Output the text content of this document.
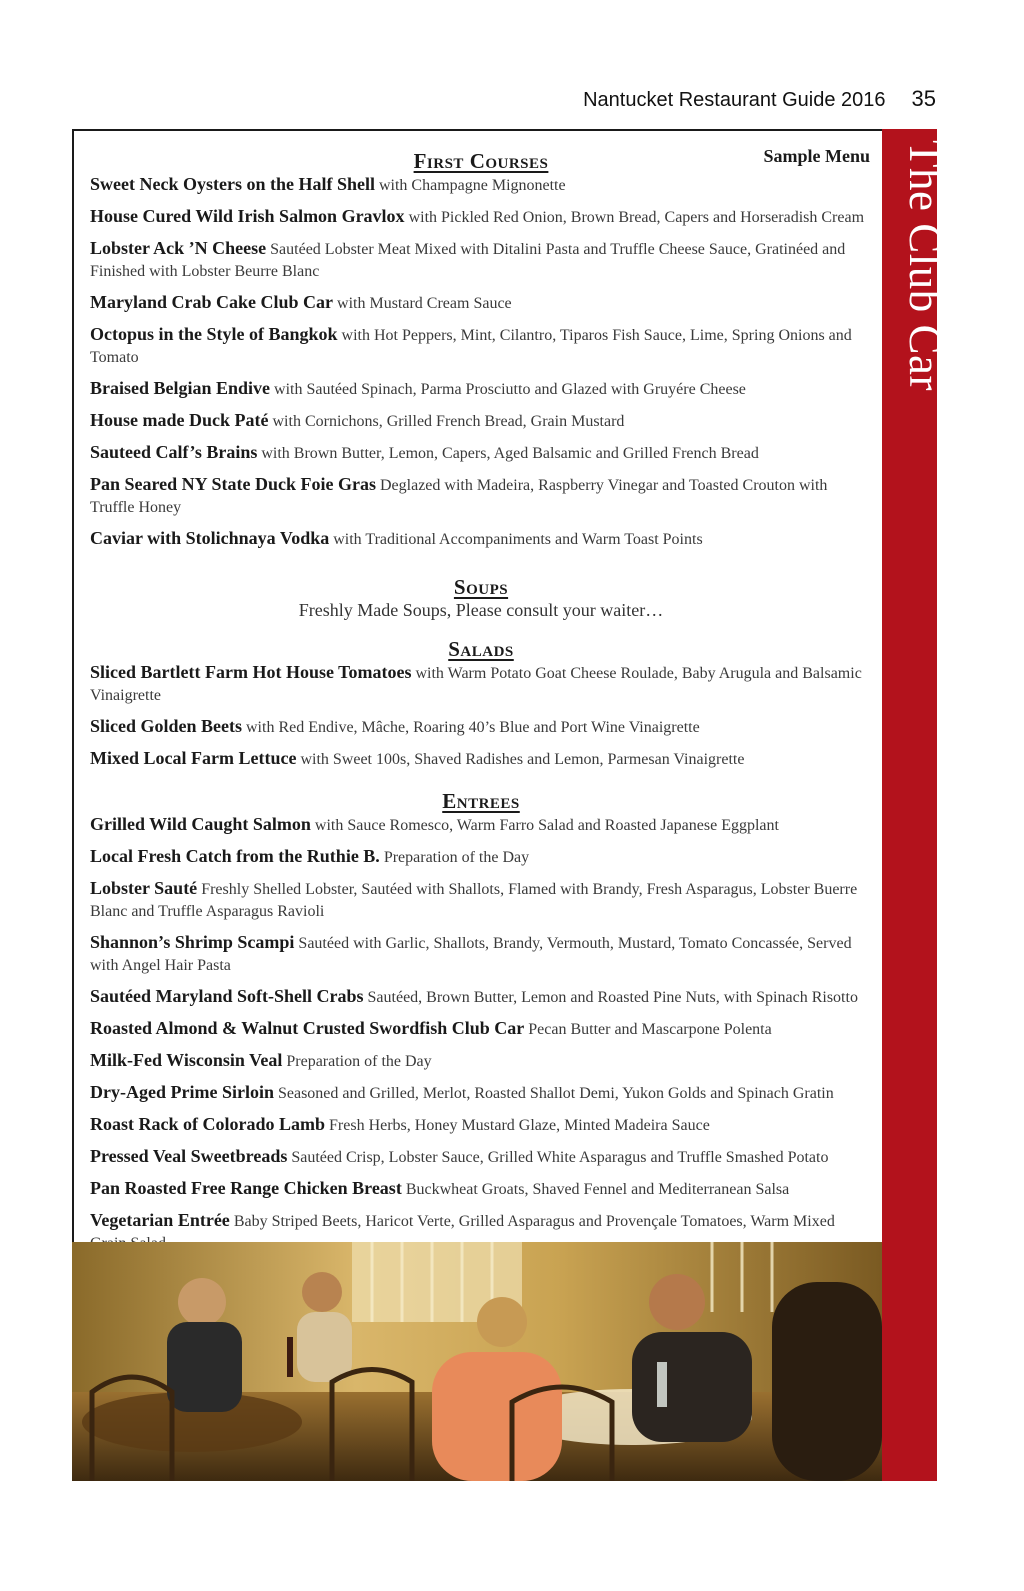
Nantucket Restaurant Guide 2016 35
Sample Menu
First Courses
Sweet Neck Oysters on the Half Shell with Champagne Mignonette
House Cured Wild Irish Salmon Gravlox with Pickled Red Onion, Brown Bread, Capers and Horseradish Cream
Lobster Ack ’N Cheese Sautéed Lobster Meat Mixed with Ditalini Pasta and Truffle Cheese Sauce, Gratinéed and Finished with Lobster Beurre Blanc
Maryland Crab Cake Club Car with Mustard Cream Sauce
Octopus in the Style of Bangkok with Hot Peppers, Mint, Cilantro, Tiparos Fish Sauce, Lime, Spring Onions and Tomato
Braised Belgian Endive with Sautéed Spinach, Parma Prosciutto and Glazed with Gruyére Cheese
House made Duck Paté with Cornichons, Grilled French Bread, Grain Mustard
Sauteed Calf’s Brains with Brown Butter, Lemon, Capers, Aged Balsamic and Grilled French Bread
Pan Seared NY State Duck Foie Gras Deglazed with Madeira, Raspberry Vinegar and Toasted Crouton with Truffle Honey
Caviar with Stolichnaya Vodka with Traditional Accompaniments and Warm Toast Points
Soups
Freshly Made Soups, Please consult your waiter…
Salads
Sliced Bartlett Farm Hot House Tomatoes with Warm Potato Goat Cheese Roulade, Baby Arugula and Balsamic Vinaigrette
Sliced Golden Beets with Red Endive, Mâche, Roaring 40’s Blue and Port Wine Vinaigrette
Mixed Local Farm Lettuce with Sweet 100s, Shaved Radishes and Lemon, Parmesan Vinaigrette
Entrees
Grilled Wild Caught Salmon with Sauce Romesco, Warm Farro Salad and Roasted Japanese Eggplant
Local Fresh Catch from the Ruthie B. Preparation of the Day
Lobster Sauté Freshly Shelled Lobster, Sautéed with Shallots, Flamed with Brandy, Fresh Asparagus, Lobster Buerre Blanc and Truffle Asparagus Ravioli
Shannon’s Shrimp Scampi Sautéed with Garlic, Shallots, Brandy, Vermouth, Mustard, Tomato Concassée, Served with Angel Hair Pasta
Sautéed Maryland Soft-Shell Crabs Sautéed, Brown Butter, Lemon and Roasted Pine Nuts, with Spinach Risotto
Roasted Almond & Walnut Crusted Swordfish Club Car Pecan Butter and Mascarpone Polenta
Milk-Fed Wisconsin Veal Preparation of the Day
Dry-Aged Prime Sirloin Seasoned and Grilled, Merlot, Roasted Shallot Demi, Yukon Golds and Spinach Gratin
Roast Rack of Colorado Lamb Fresh Herbs, Honey Mustard Glaze, Minted Madeira Sauce
Pressed Veal Sweetbreads Sautéed Crisp, Lobster Sauce, Grilled White Asparagus and Truffle Smashed Potato
Pan Roasted Free Range Chicken Breast Buckwheat Groats, Shaved Fennel and Mediterranean Salsa
Vegetarian Entrée Baby Striped Beets, Haricot Verte, Grilled Asparagus and Provençale Tomatoes, Warm Mixed
The Club Car
